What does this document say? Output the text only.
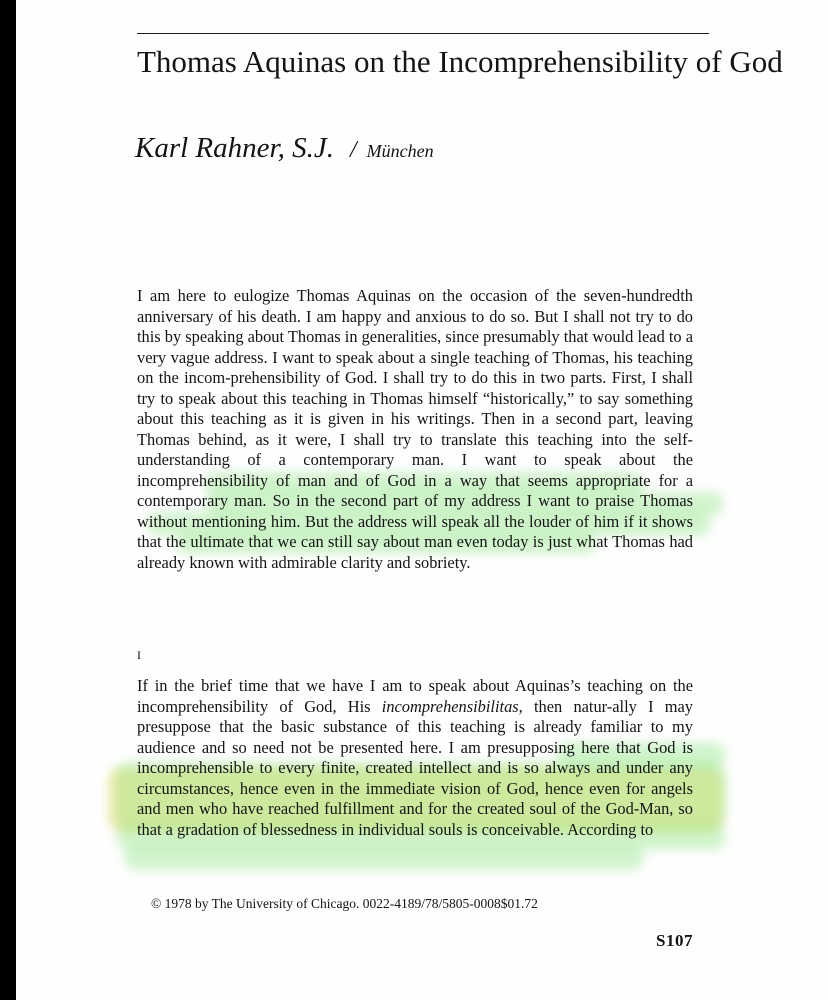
Thomas Aquinas on the Incomprehensibility of God
Karl Rahner, S.J. / München

I am here to eulogize Thomas Aquinas on the occasion of the seven-hundredth anniversary of his death. I am happy and anxious to do so. But I shall not try to do this by speaking about Thomas in generalities, since presumably that would lead to a very vague address. I want to speak about a single teaching of Thomas, his teaching on the incom-prehensibility of God. I shall try to do this in two parts. First, I shall try to speak about this teaching in Thomas himself “historically,” to say something about this teaching as it is given in his writings. Then in a second part, leaving Thomas behind, as it were, I shall try to translate this teaching into the self-understanding of a contemporary man. I want to speak about the incomprehensibility of man and of God in a way that seems appropriate for a contemporary man. So in the second part of my address I want to praise Thomas without mentioning him. But the address will speak all the louder of him if it shows that the ultimate that we can still say about man even today is just what Thomas had already known with admirable clarity and sobriety.

I

If in the brief time that we have I am to speak about Aquinas’s teaching on the incomprehensibility of God, His incomprehensibilitas, then natur-ally I may presuppose that the basic substance of this teaching is already familiar to my audience and so need not be presented here. I am presupposing here that God is incomprehensible to every finite, created intellect and is so always and under any circumstances, hence even in the immediate vision of God, hence even for angels and men who have reached fulfillment and for the created soul of the God-Man, so that a gradation of blessedness in individual souls is conceivable. According to

© 1978 by The University of Chicago. 0022-4189/78/5805-0008$01.72
S107
